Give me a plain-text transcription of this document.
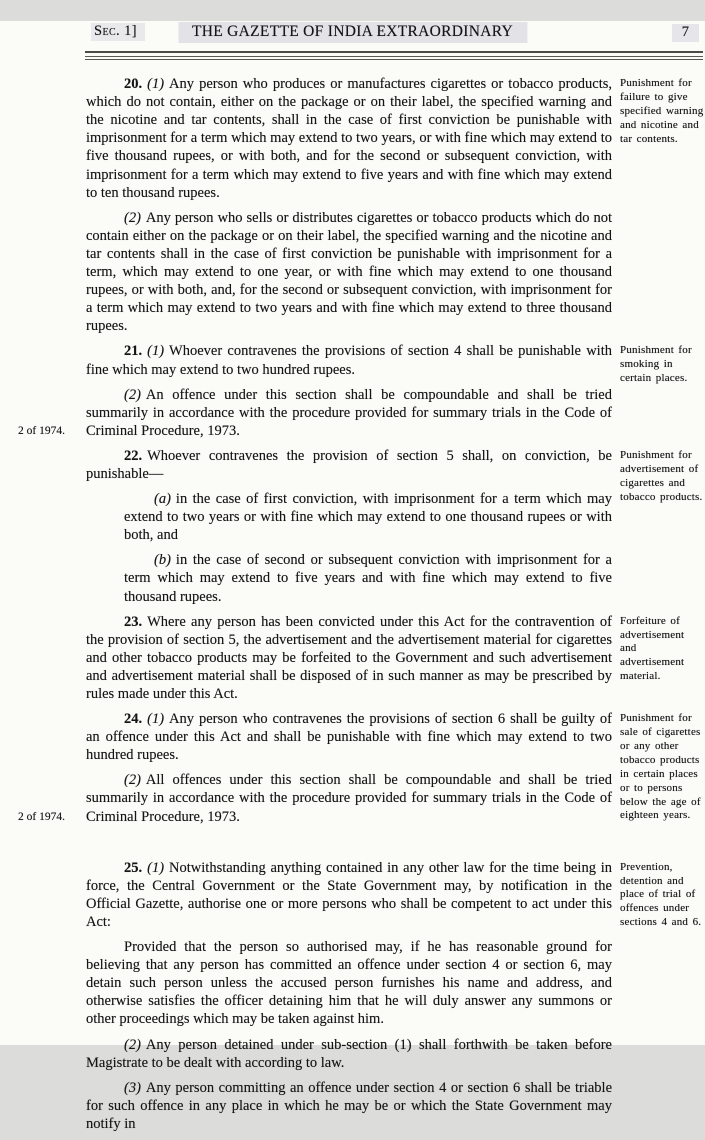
Sec. 1]	THE GAZETTE OF INDIA EXTRAORDINARY	7

20. (1) Any person who produces or manufactures cigarettes or tobacco products, which do not contain, either on the package or on their label, the specified warning and the nicotine and tar contents, shall in the case of first conviction be punishable with imprisonment for a term which may extend to two years, or with fine which may extend to five thousand rupees, or with both, and for the second or subsequent conviction, with imprisonment for a term which may extend to five years and with fine which may extend to ten thousand rupees.

(2) Any person who sells or distributes cigarettes or tobacco products which do not contain either on the package or on their label, the specified warning and the nicotine and tar contents shall in the case of first conviction be punishable with imprisonment for a term, which may extend to one year, or with fine which may extend to one thousand rupees, or with both, and, for the second or subsequent conviction, with imprisonment for a term which may extend to two years and with fine which may extend to three thousand rupees.

Punishment for failure to give specified warning and nicotine and tar contents.
2 of 1974.

21. (1) Whoever contravenes the provisions of section 4 shall be punishable with fine which may extend to two hundred rupees.

(2) An offence under this section shall be compoundable and shall be tried summarily in accordance with the procedure provided for summary trials in the Code of Criminal Procedure, 1973.

Punishment for smoking in certain places.

22. Whoever contravenes the provision of section 5 shall, on conviction, be punishable—

(a) in the case of first conviction, with imprisonment for a term which may extend to two years or with fine which may extend to one thousand rupees or with both, and

(b) in the case of second or subsequent conviction with imprisonment for a term which may extend to five years and with fine which may extend to five thousand rupees.

Punishment for advertisement of cigarettes and tobacco products.

23. Where any person has been convicted under this Act for the contravention of the provision of section 5, the advertisement and the advertisement material for cigarettes and other tobacco products may be forfeited to the Government and such advertisement and advertisement material shall be disposed of in such manner as may be prescribed by rules made under this Act.

Forfeiture of advertisement and advertisement material.
2 of 1974.

24. (1) Any person who contravenes the provisions of section 6 shall be guilty of an offence under this Act and shall be punishable with fine which may extend to two hundred rupees.

(2) All offences under this section shall be compoundable and shall be tried summarily in accordance with the procedure provided for summary trials in the Code of Criminal Procedure, 1973.

Punishment for sale of cigarettes or any other tobacco products in certain places or to persons below the age of eighteen years.

25. (1) Notwithstanding anything contained in any other law for the time being in force, the Central Government or the State Government may, by notification in the Official Gazette, authorise one or more persons who shall be competent to act under this Act:

Provided that the person so authorised may, if he has reasonable ground for believing that any person has committed an offence under section 4 or section 6, may detain such person unless the accused person furnishes his name and address, and otherwise satisfies the officer detaining him that he will duly answer any summons or other proceedings which may be taken against him.

(2) Any person detained under sub-section (1) shall forthwith be taken before Magistrate to be dealt with according to law.

(3) Any person committing an offence under section 4 or section 6 shall be triable for such offence in any place in which he may be or which the State Government may notify in

Prevention, detention and place of trial of offences under sections 4 and 6.
